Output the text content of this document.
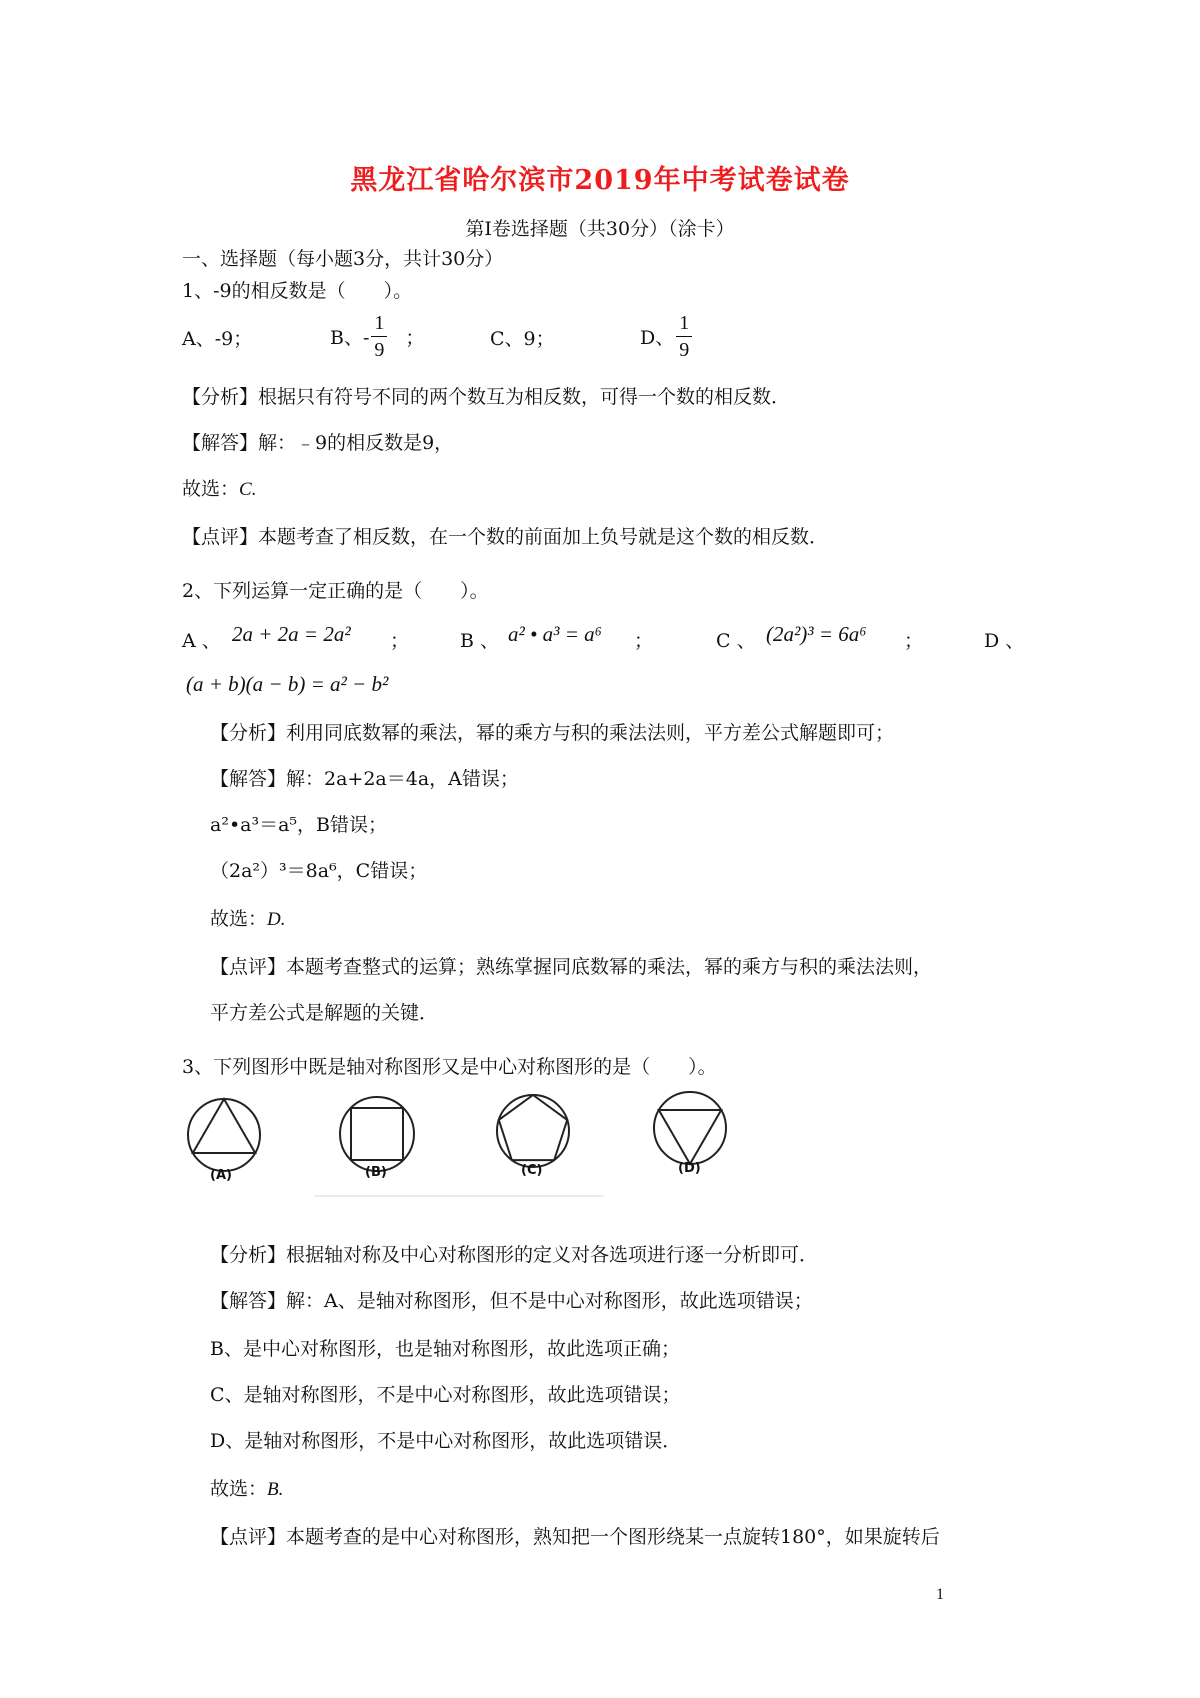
黑龙江省哈尔滨市2019年中考试卷试卷
第Ⅰ卷选择题（共30分）（涂卡）
一、选择题（每小题3分，共计30分）
1、-9的相反数是（　　）。
A、-9；	B、- $\frac{1}{9}$ ；	C、9；	D、 $\frac{1}{9}$
【分析】根据只有符号不同的两个数互为相反数，可得一个数的相反数．
【解答】解：﹣9的相反数是9，
故选：C.
【点评】本题考查了相反数，在一个数的前面加上负号就是这个数的相反数．
2、下列运算一定正确的是（　　）。
A 、 2a + 2a = 2a² ；	B 、 a² • a³ = a⁶ ；	C 、 (2a²)³ = 6a⁶ ；	D 、
(a + b)(a − b) = a² − b²
【分析】利用同底数幂的乘法，幂的乘方与积的乘法法则，平方差公式解题即可；
【解答】解：2a+2a＝4a，A错误；
a²•a³＝a⁵，B错误；
（2a²）³＝8a⁶，C错误；
故选：D.
【点评】本题考查整式的运算；熟练掌握同底数幂的乘法，幂的乘方与积的乘法法则，
平方差公式是解题的关键．
3、下列图形中既是轴对称图形又是中心对称图形的是（　　）。
(A)	(B)	(C)	(D)
【分析】根据轴对称及中心对称图形的定义对各选项进行逐一分析即可．
【解答】解：A、是轴对称图形，但不是中心对称图形，故此选项错误；
B、是中心对称图形，也是轴对称图形，故此选项正确；
C、是轴对称图形，不是中心对称图形，故此选项错误；
D、是轴对称图形，不是中心对称图形，故此选项错误．
故选：B.
【点评】本题考查的是中心对称图形，熟知把一个图形绕某一点旋转180°，如果旋转后
1
